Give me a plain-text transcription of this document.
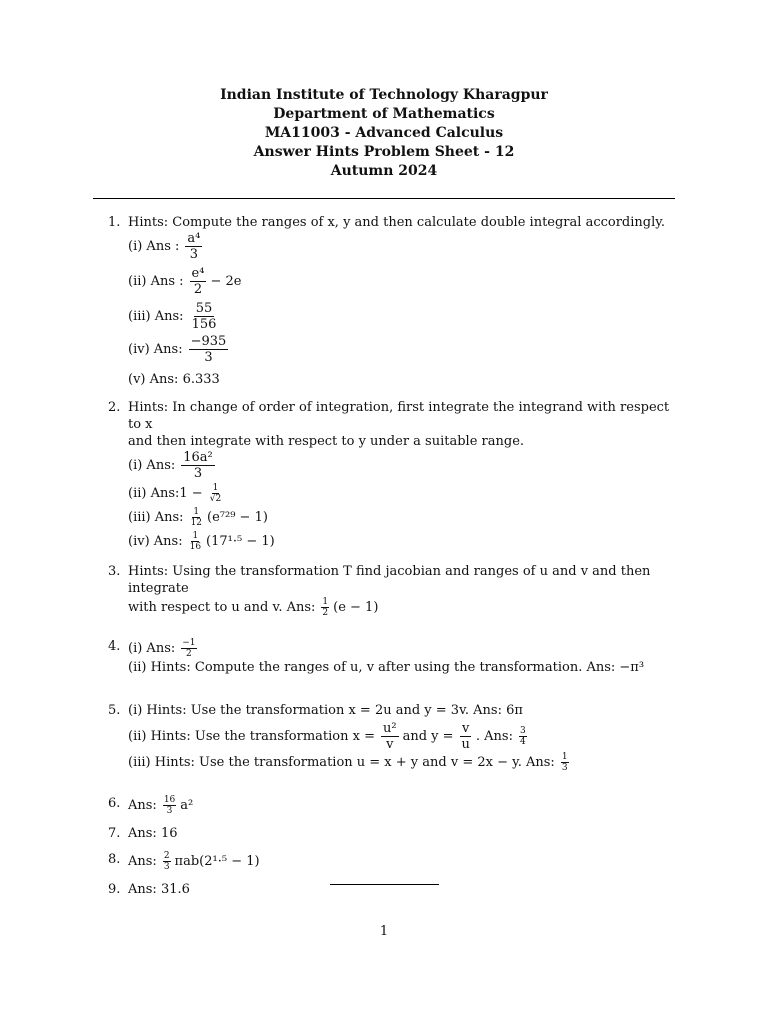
Indian Institute of Technology Kharagpur
Department of Mathematics
MA11003 - Advanced Calculus
Answer Hints Problem Sheet - 12
Autumn 2024
1. Hints: Compute the ranges of x, y and then calculate double integral accordingly.
(i) Ans : $\frac{\text{a⁴}}{3}$
(ii) Ans : $\frac{\text{e⁴}}{2} - 2e$
(iii) Ans: $\frac{55}{156}$
(iv) Ans: $\frac{-935}{3}$
(v) Ans: 6.333
2. Hints: In change of order of integration, first integrate the integrand with respect to x
and then integrate with respect to y under a suitable range.
(i) Ans: $\frac{\text{16a²}}{3}$
(ii) Ans:1 − $\frac{1}{√2}$
(iii) Ans: $\frac{1}{12} (e^{729} - 1)$
(iv) Ans: $\frac{1}{16} (17^1\cdot^5 - 1)$
3. Hints: Using the transformation T find jacobian and ranges of u and v and then integrate
with respect to u and v. Ans: $\frac{1}{2} (e - 1)$
4. (i) Ans: $\frac{-1}{2}$
(ii) Hints: Compute the ranges of u, v after using the transformation. Ans: −π³
5. (i) Hints: Use the transformation x = 2u and y = 3v. Ans: 6π
(ii) Hints: Use the transformation $x = \frac{\text{u²}}{v}$ and $y = \frac{v}{u}$ . Ans: $\frac{3}{4}$
(iii) Hints: Use the transformation u = x + y and v = 2x − y. Ans: $\frac{1}{3}$
6. Ans: $\frac{16}{3} a^2$
7. Ans: 16
8. Ans: $\frac{2}{3} \pi ab(2^1\cdot^5 - 1)$
9. Ans: 31.6
1
